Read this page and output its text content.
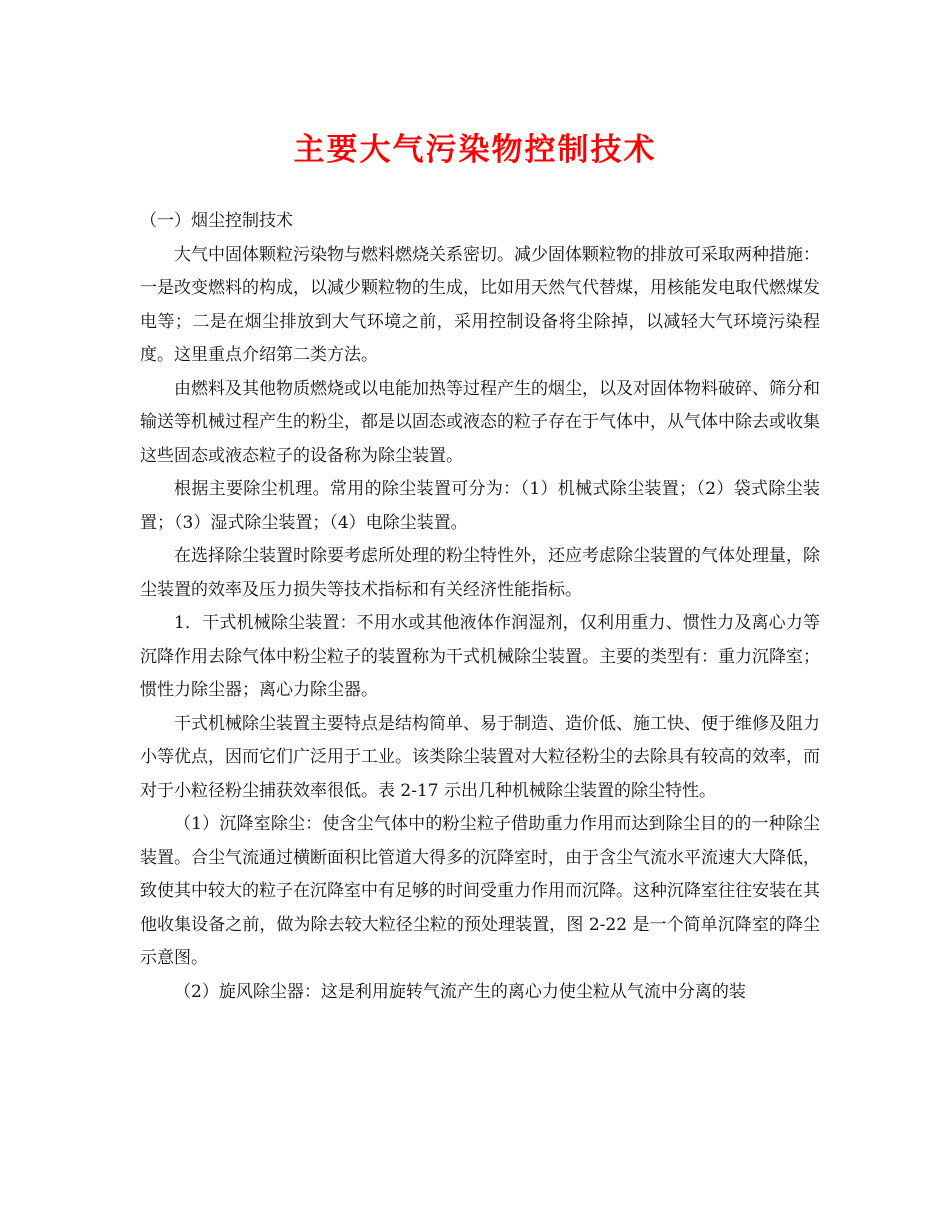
主要大气污染物控制技术

（一）烟尘控制技术

大气中固体颗粒污染物与燃料燃烧关系密切。减少固体颗粒物的排放可采取两种措施：一是改变燃料的构成，以减少颗粒物的生成，比如用天然气代替煤，用核能发电取代燃煤发电等；二是在烟尘排放到大气环境之前，采用控制设备将尘除掉，以减轻大气环境污染程度。这里重点介绍第二类方法。

由燃料及其他物质燃烧或以电能加热等过程产生的烟尘，以及对固体物料破碎、筛分和输送等机械过程产生的粉尘，都是以固态或液态的粒子存在于气体中，从气体中除去或收集这些固态或液态粒子的设备称为除尘装置。

根据主要除尘机理。常用的除尘装置可分为：（1）机械式除尘装置；（2）袋式除尘装置；（3）湿式除尘装置；（4）电除尘装置。

在选择除尘装置时除要考虑所处理的粉尘特性外，还应考虑除尘装置的气体处理量，除尘装置的效率及压力损失等技术指标和有关经济性能指标。

1．干式机械除尘装置：不用水或其他液体作润湿剂，仅利用重力、惯性力及离心力等沉降作用去除气体中粉尘粒子的装置称为干式机械除尘装置。主要的类型有：重力沉降室；惯性力除尘器；离心力除尘器。

干式机械除尘装置主要特点是结构简单、易于制造、造价低、施工快、便于维修及阻力小等优点，因而它们广泛用于工业。该类除尘装置对大粒径粉尘的去除具有较高的效率，而对于小粒径粉尘捕获效率很低。表 2-17 示出几种机械除尘装置的除尘特性。

（1）沉降室除尘：使含尘气体中的粉尘粒子借助重力作用而达到除尘目的的一种除尘装置。合尘气流通过横断面积比管道大得多的沉降室时，由于含尘气流水平流速大大降低，致使其中较大的粒子在沉降室中有足够的时间受重力作用而沉降。这种沉降室往往安装在其他收集设备之前，做为除去较大粒径尘粒的预处理装置，图 2-22 是一个简单沉降室的降尘示意图。

（2）旋风除尘器：这是利用旋转气流产生的离心力使尘粒从气流中分离的装
